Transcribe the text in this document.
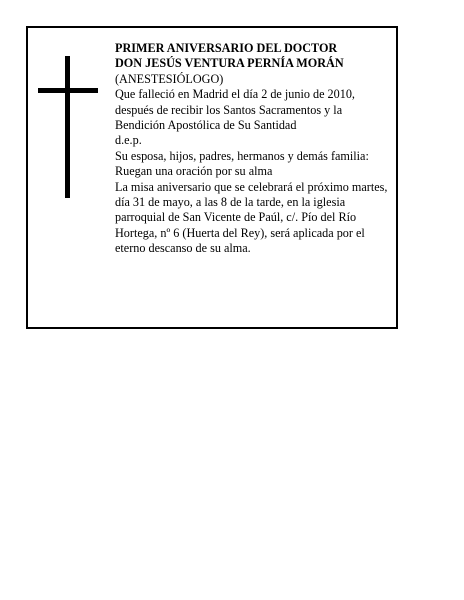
PRIMER ANIVERSARIO DEL DOCTOR
DON JESÚS VENTURA PERNÍA MORÁN
(ANESTESIÓLOGO)
Que falleció en Madrid el día 2 de junio de 2010,
después de recibir los Santos Sacramentos y la
Bendición Apostólica de Su Santidad
d.e.p.
Su esposa, hijos, padres, hermanos y demás familia:
Ruegan una oración por su alma
La misa aniversario que se celebrará el próximo martes,
día 31 de mayo, a las 8 de la tarde, en la iglesia
parroquial de San Vicente de Paúl, c/. Pío del Río
Hortega, nº 6 (Huerta del Rey), será aplicada por el
eterno descanso de su alma.
